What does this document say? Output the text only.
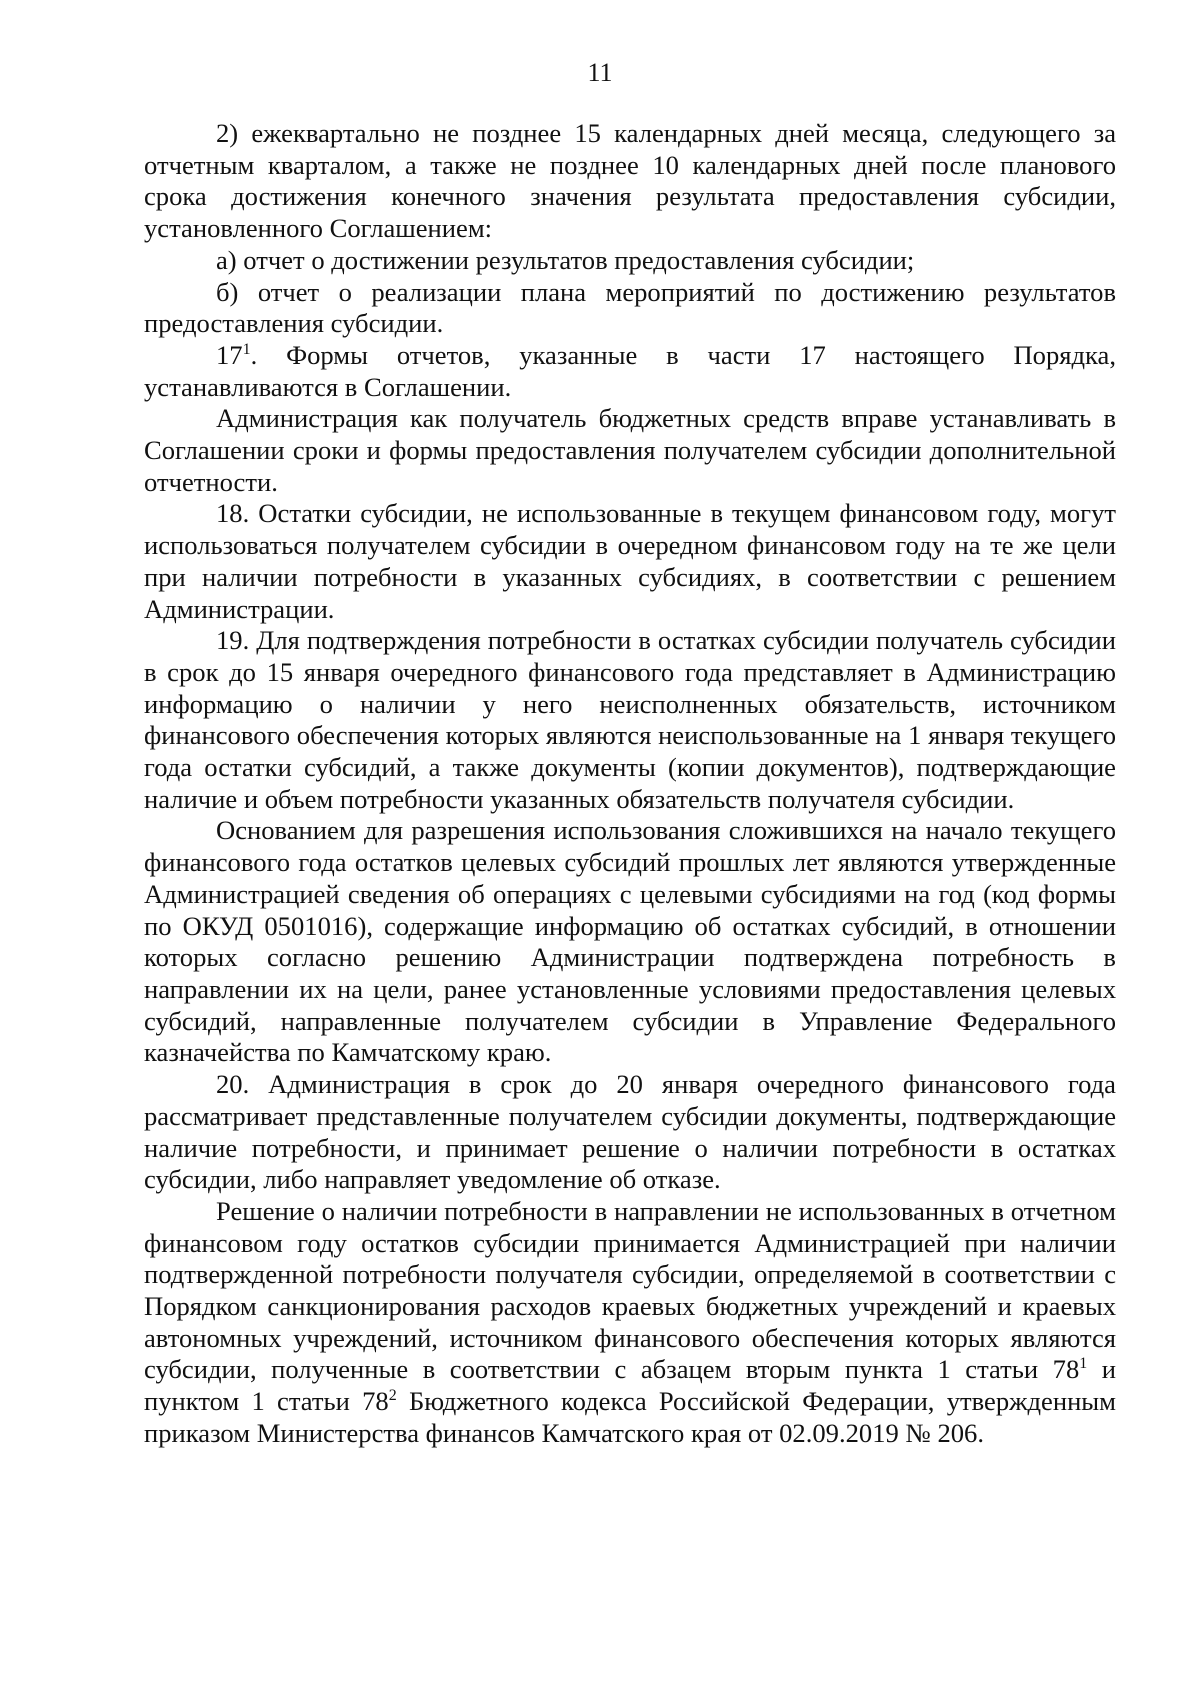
11

2) ежеквартально не позднее 15 календарных дней месяца, следующего за отчетным кварталом, а также не позднее 10 календарных дней после планового срока достижения конечного значения результата предоставления субсидии, установленного Соглашением:

а) отчет о достижении результатов предоставления субсидии;

б) отчет о реализации плана мероприятий по достижению результатов предоставления субсидии.

$17^1$. Формы отчетов, указанные в части 17 настоящего Порядка, устанавливаются в Соглашении.

Администрация как получатель бюджетных средств вправе устанавливать в Соглашении сроки и формы предоставления получателем субсидии дополнительной отчетности.

18. Остатки субсидии, не использованные в текущем финансовом году, могут использоваться получателем субсидии в очередном финансовом году на те же цели при наличии потребности в указанных субсидиях, в соответствии с решением Администрации.

19. Для подтверждения потребности в остатках субсидии получатель субсидии в срок до 15 января очередного финансового года представляет в Администрацию информацию о наличии у него неисполненных обязательств, источником финансового обеспечения которых являются неиспользованные на 1 января текущего года остатки субсидий, а также документы (копии документов), подтверждающие наличие и объем потребности указанных обязательств получателя субсидии.

Основанием для разрешения использования сложившихся на начало текущего финансового года остатков целевых субсидий прошлых лет являются утвержденные Администрацией сведения об операциях с целевыми субсидиями на год (код формы по ОКУД 0501016), содержащие информацию об остатках субсидий, в отношении которых согласно решению Администрации подтверждена потребность в направлении их на цели, ранее установленные условиями предоставления целевых субсидий, направленные получателем субсидии в Управление Федерального казначейства по Камчатскому краю.

20. Администрация в срок до 20 января очередного финансового года рассматривает представленные получателем субсидии документы, подтверждающие наличие потребности, и принимает решение о наличии потребности в остатках субсидии, либо направляет уведомление об отказе.

Решение о наличии потребности в направлении не использованных в отчетном финансовом году остатков субсидии принимается Администрацией при наличии подтвержденной потребности получателя субсидии, определяемой в соответствии с Порядком санкционирования расходов краевых бюджетных учреждений и краевых автономных учреждений, источником финансового обеспечения которых являются субсидии, полученные в соответствии с абзацем вторым пункта 1 статьи $78^1$ и пунктом 1 статьи $78^2$ Бюджетного кодекса Российской Федерации, утвержденным приказом Министерства финансов Камчатского края от 02.09.2019 № 206.
